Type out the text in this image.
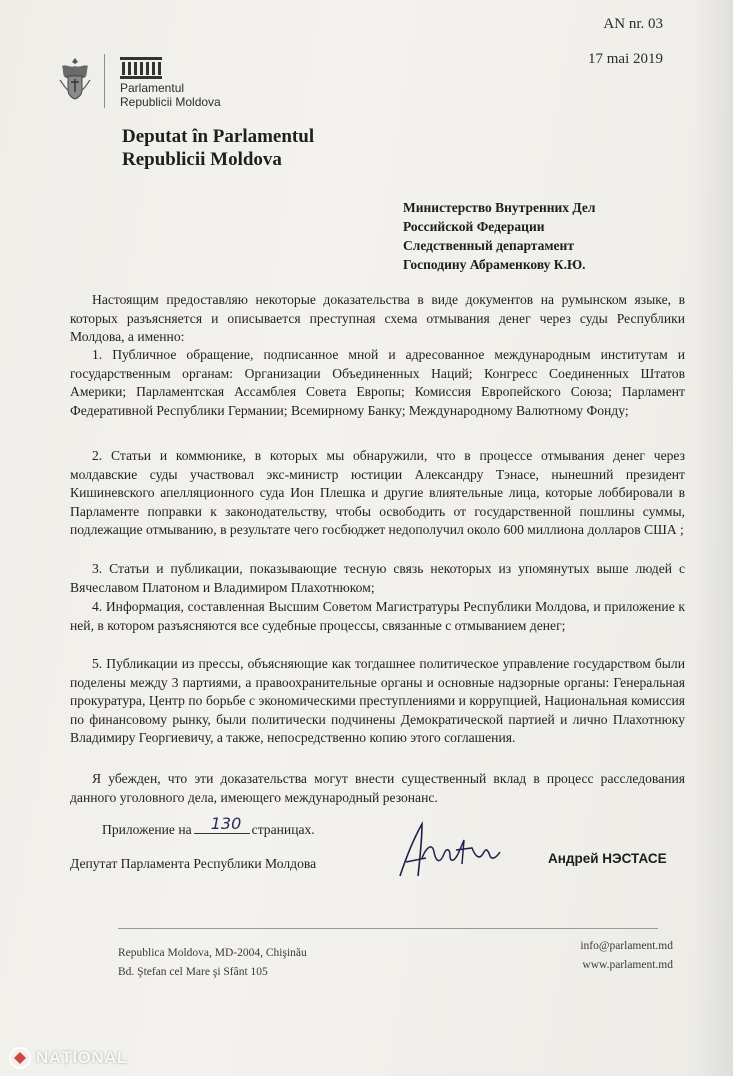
AN nr. 03
17 mai 2019
Parlamentul
Republicii Moldova
Deputat în Parlamentul
Republicii Moldova
Министерство Внутренних Дел
Российской Федерации
Следственный департамент
Господину Абраменкову К.Ю.

Настоящим предоставляю некоторые доказательства в виде документов на румынском языке, в которых разъясняется и описывается преступная схема отмывания денег через суды Республики Молдова, а именно:

1. Публичное обращение, подписанное мной и адресованное международным институтам и государственным органам: Организации Объединенных Наций; Конгресс Соединенных Штатов Америки; Парламентская Ассамблея Совета Европы; Комиссия Европейского Союза; Парламент Федеративной Республики Германии; Всемирному Банку; Международному Валютному Фонду;

2. Статьи и коммюнике, в которых мы обнаружили, что в процессе отмывания денег через молдавские суды участвовал экс-министр юстиции Александру Тэнасе, нынешний президент Кишиневского апелляционного суда Ион Плешка и другие влиятельные лица, которые лоббировали в Парламенте поправки к законодательству, чтобы освободить от государственной пошлины суммы, подлежащие отмыванию, в результате чего госбюджет недополучил около 600 миллиона долларов США ;

3. Статьи и публикации, показывающие тесную связь некоторых из упомянутых выше людей с Вячеславом Платоном и Владимиром Плахотнюком;

4. Информация, составленная Высшим Советом Магистратуры Республики Молдова, и приложение к ней, в котором разъясняются все судебные процессы, связанные с отмыванием денег;

5. Публикации из прессы, объясняющие как тогдашнее политическое управление государством были поделены между 3 партиями, а правоохранительные органы и основные надзорные органы: Генеральная прокуратура, Центр по борьбе с экономическими преступлениями и коррупцией, Национальная комиссия по финансовому рынку, были политически подчинены Демократической партией и лично Плахотнюку Владимиру Георгиевичу, а также, непосредственно копию этого соглашения.

Я убежден, что эти доказательства могут внести существенный вклад в процесс расследования данного уголовного дела, имеющего международный резонанс.

Приложение на	страницах.
130
Депутат Парламента Республики Молдова	Андрей НЭСТАСЕ
Republica Moldova, MD-2004, Chişinău
Bd. Ştefan cel Mare şi Sfânt 105
info@parlament.md
www.parlament.md
NAȚIONAL
